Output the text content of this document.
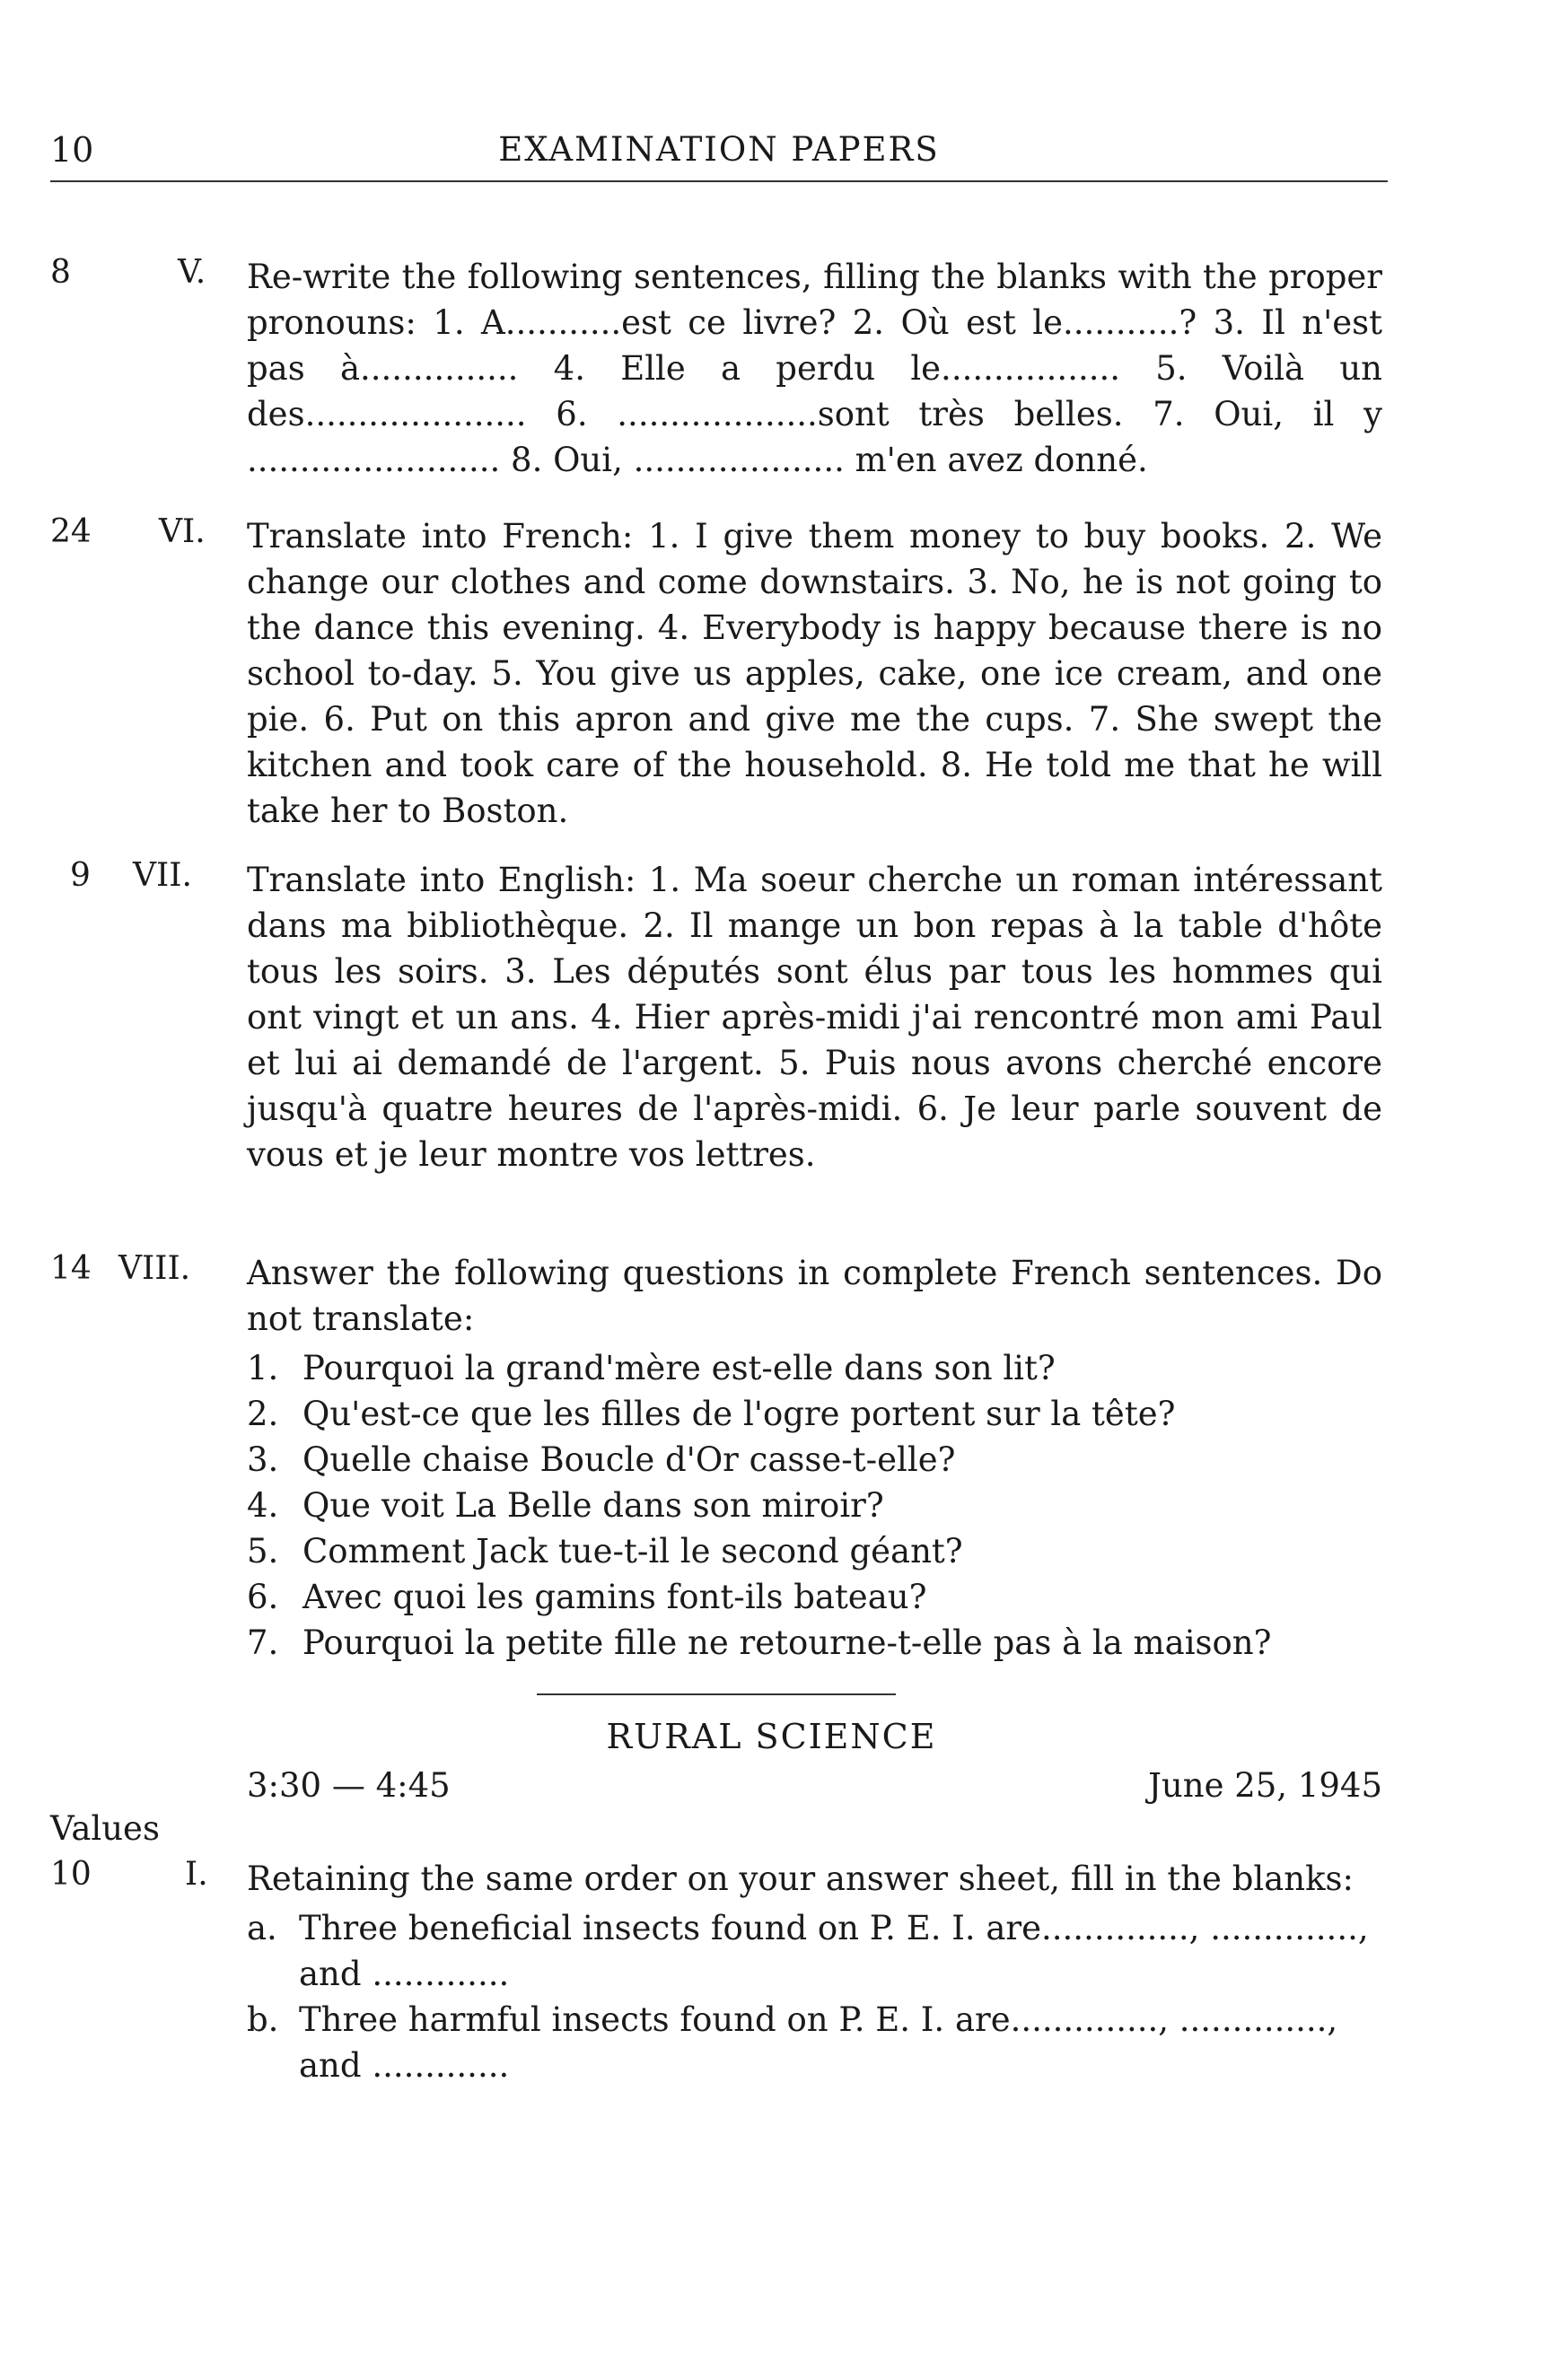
10	EXAMINATION PAPERS
8	V. Re-write the following sentences, filling the blanks with the proper pronouns: 1. A...........est ce livre? 2. Où est le...........? 3. Il n'est pas à............... 4. Elle a perdu le................. 5. Voilà un des..................... 6. ...................sont très belles. 7. Oui, il y ........................ 8. Oui, .................... m'en avez donné.

24 VI. Translate into French: 1. I give them money to buy books. 2. We change our clothes and come downstairs. 3. No, he is not going to the dance this evening. 4. Everybody is happy because there is no school to-day. 5. You give us apples, cake, one ice cream, and one pie. 6. Put on this apron and give me the cups. 7. She swept the kitchen and took care of the household. 8. He told me that he will take her to Boston.

9 VII. Translate into English: 1. Ma soeur cherche un roman intéressant dans ma bibliothèque. 2. Il mange un bon repas à la table d'hôte tous les soirs. 3. Les députés sont élus par tous les hommes qui ont vingt et un ans. 4. Hier après-midi j'ai rencontré mon ami Paul et lui ai demandé de l'argent. 5. Puis nous avons cherché encore jusqu'à quatre heures de l'après-midi. 6. Je leur parle souvent de vous et je leur montre vos lettres.

14 VIII. Answer the following questions in complete French sentences. Do not translate:

1. Pourquoi la grand'mère est-elle dans son lit?
2. Qu'est-ce que les filles de l'ogre portent sur la tête?
3. Quelle chaise Boucle d'Or casse-t-elle?
4. Que voit La Belle dans son miroir?
5. Comment Jack tue-t-il le second géant?
6. Avec quoi les gamins font-ils bateau?
7. Pourquoi la petite fille ne retourne-t-elle pas à la maison?
RURAL SCIENCE
3:30 — 4:45	June 25, 1945
Values
10	I. Retaining the same order on your answer sheet, fill in the blanks:

a. Three beneficial insects found on P. E. I. are.............., .............., and .............
b. Three harmful insects found on P. E. I. are.............., .............., and .............
